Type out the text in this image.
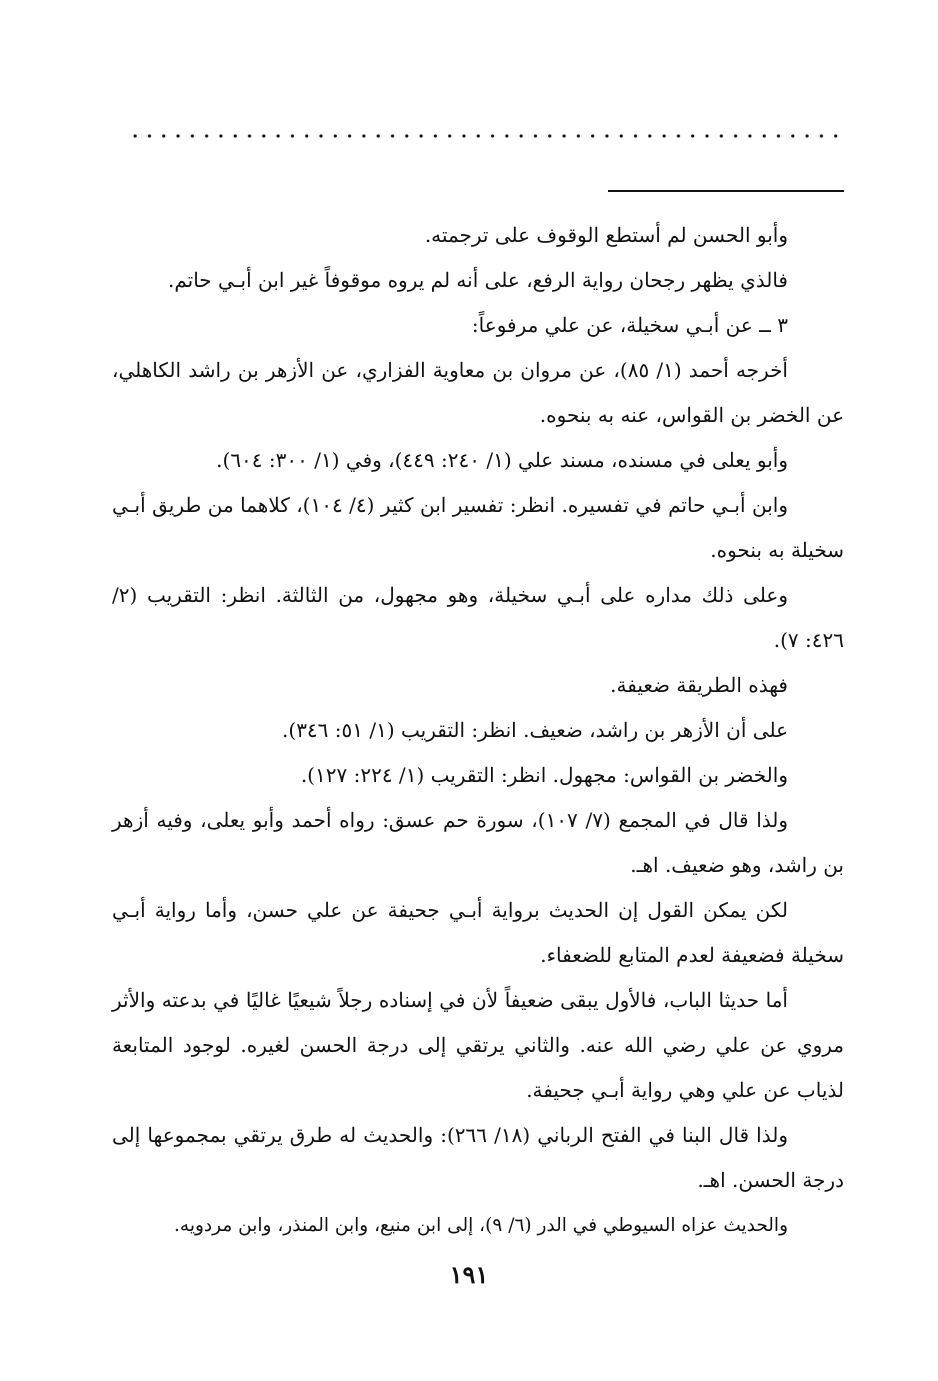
وأبو الحسن لم أستطع الوقوف على ترجمته.

فالذي يظهر رجحان رواية الرفع، على أنه لم يروه موقوفاً غير ابن أبـي حاتم.

٣ ــ عن أبـي سخيلة، عن علي مرفوعاً:

أخرجه أحمد (١/ ٨٥)، عن مروان بن معاوية الفزاري، عن الأزهر بن راشد الكاهلي، عن الخضر بن القواس، عنه به بنحوه.

وأبو يعلى في مسنده، مسند علي (١/ ٢٤٠: ٤٤٩)، وفي (١/ ٣٠٠: ٦٠٤).

وابن أبـي حاتم في تفسيره. انظر: تفسير ابن كثير (٤/ ١٠٤)، كلاهما من طريق أبـي سخيلة به بنحوه.

وعلى ذلك مداره على أبـي سخيلة، وهو مجهول، من الثالثة. انظر: التقريب (٢/ ٤٢٦: ٧).

فهذه الطريقة ضعيفة.

على أن الأزهر بن راشد، ضعيف. انظر: التقريب (١/ ٥١: ٣٤٦).

والخضر بن القواس: مجهول. انظر: التقريب (١/ ٢٢٤: ١٢٧).

ولذا قال في المجمع (٧/ ١٠٧)، سورة حم عسق: رواه أحمد وأبو يعلى، وفيه أزهر بن راشد، وهو ضعيف. اهـ.

لكن يمكن القول إن الحديث برواية أبـي جحيفة عن علي حسن، وأما رواية أبـي سخيلة فضعيفة لعدم المتابع للضعفاء.

أما حديثا الباب، فالأول يبقى ضعيفاً لأن في إسناده رجلاً شيعيًا غاليًا في بدعته والأثر مروي عن علي رضي الله عنه. والثاني يرتقي إلى درجة الحسن لغيره. لوجود المتابعة لذياب عن علي وهي رواية أبـي جحيفة.

ولذا قال البنا في الفتح الرباني (١٨/ ٢٦٦): والحديث له طرق يرتقي بمجموعها إلى درجة الحسن. اهـ.

والحديث عزاه السيوطي في الدر (٦/ ٩)، إلى ابن منيع، وابن المنذر، وابن مردويه.

١٩١
